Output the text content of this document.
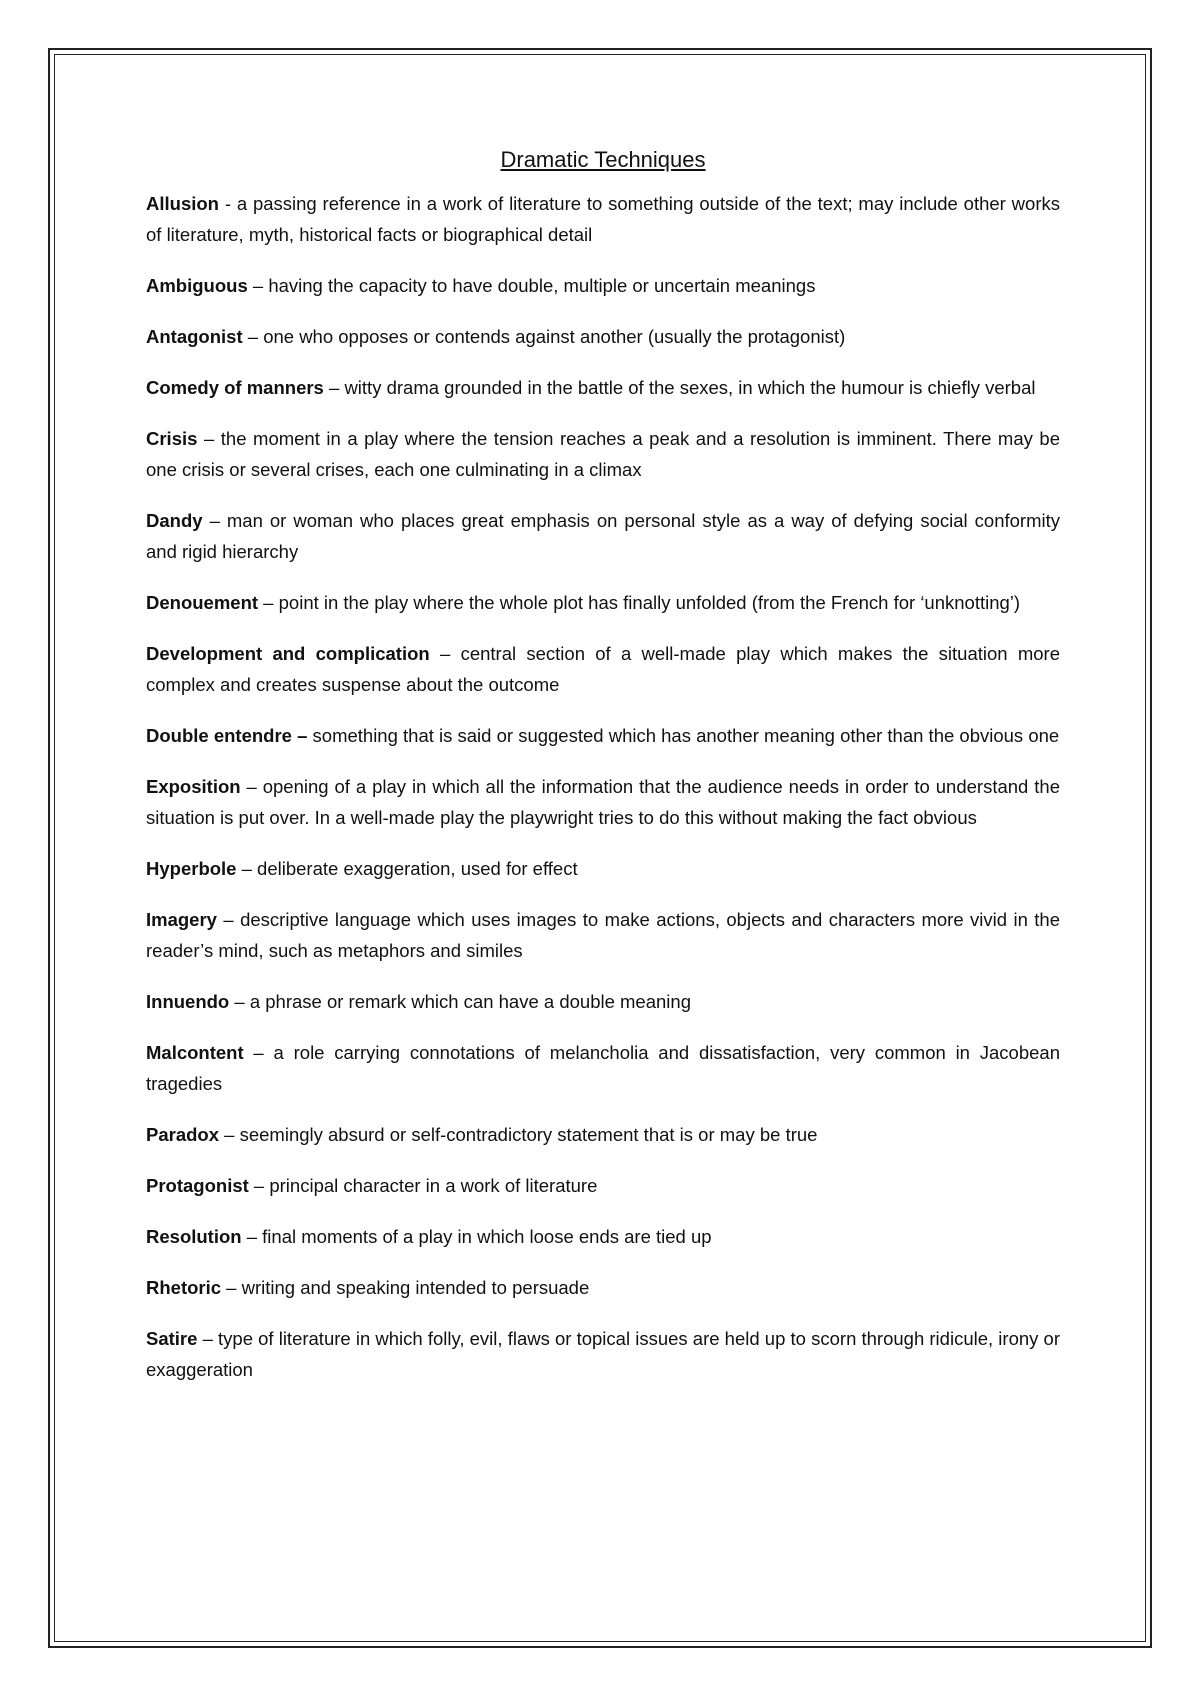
Dramatic Techniques

Allusion - a passing reference in a work of literature to something outside of the text; may include other works of literature, myth, historical facts or biographical detail

Ambiguous – having the capacity to have double, multiple or uncertain meanings

Antagonist – one who opposes or contends against another (usually the protagonist)

Comedy of manners – witty drama grounded in the battle of the sexes, in which the humour is chiefly verbal

Crisis – the moment in a play where the tension reaches a peak and a resolution is imminent. There may be one crisis or several crises, each one culminating in a climax

Dandy – man or woman who places great emphasis on personal style as a way of defying social conformity and rigid hierarchy

Denouement – point in the play where the whole plot has finally unfolded (from the French for ‘unknotting’)

Development and complication – central section of a well-made play which makes the situation more complex and creates suspense about the outcome

Double entendre – something that is said or suggested which has another meaning other than the obvious one

Exposition – opening of a play in which all the information that the audience needs in order to understand the situation is put over. In a well-made play the playwright tries to do this without making the fact obvious

Hyperbole – deliberate exaggeration, used for effect

Imagery – descriptive language which uses images to make actions, objects and characters more vivid in the reader’s mind, such as metaphors and similes

Innuendo – a phrase or remark which can have a double meaning

Malcontent – a role carrying connotations of melancholia and dissatisfaction, very common in Jacobean tragedies

Paradox – seemingly absurd or self-contradictory statement that is or may be true

Protagonist – principal character in a work of literature

Resolution – final moments of a play in which loose ends are tied up

Rhetoric – writing and speaking intended to persuade

Satire – type of literature in which folly, evil, flaws or topical issues are held up to scorn through ridicule, irony or exaggeration
